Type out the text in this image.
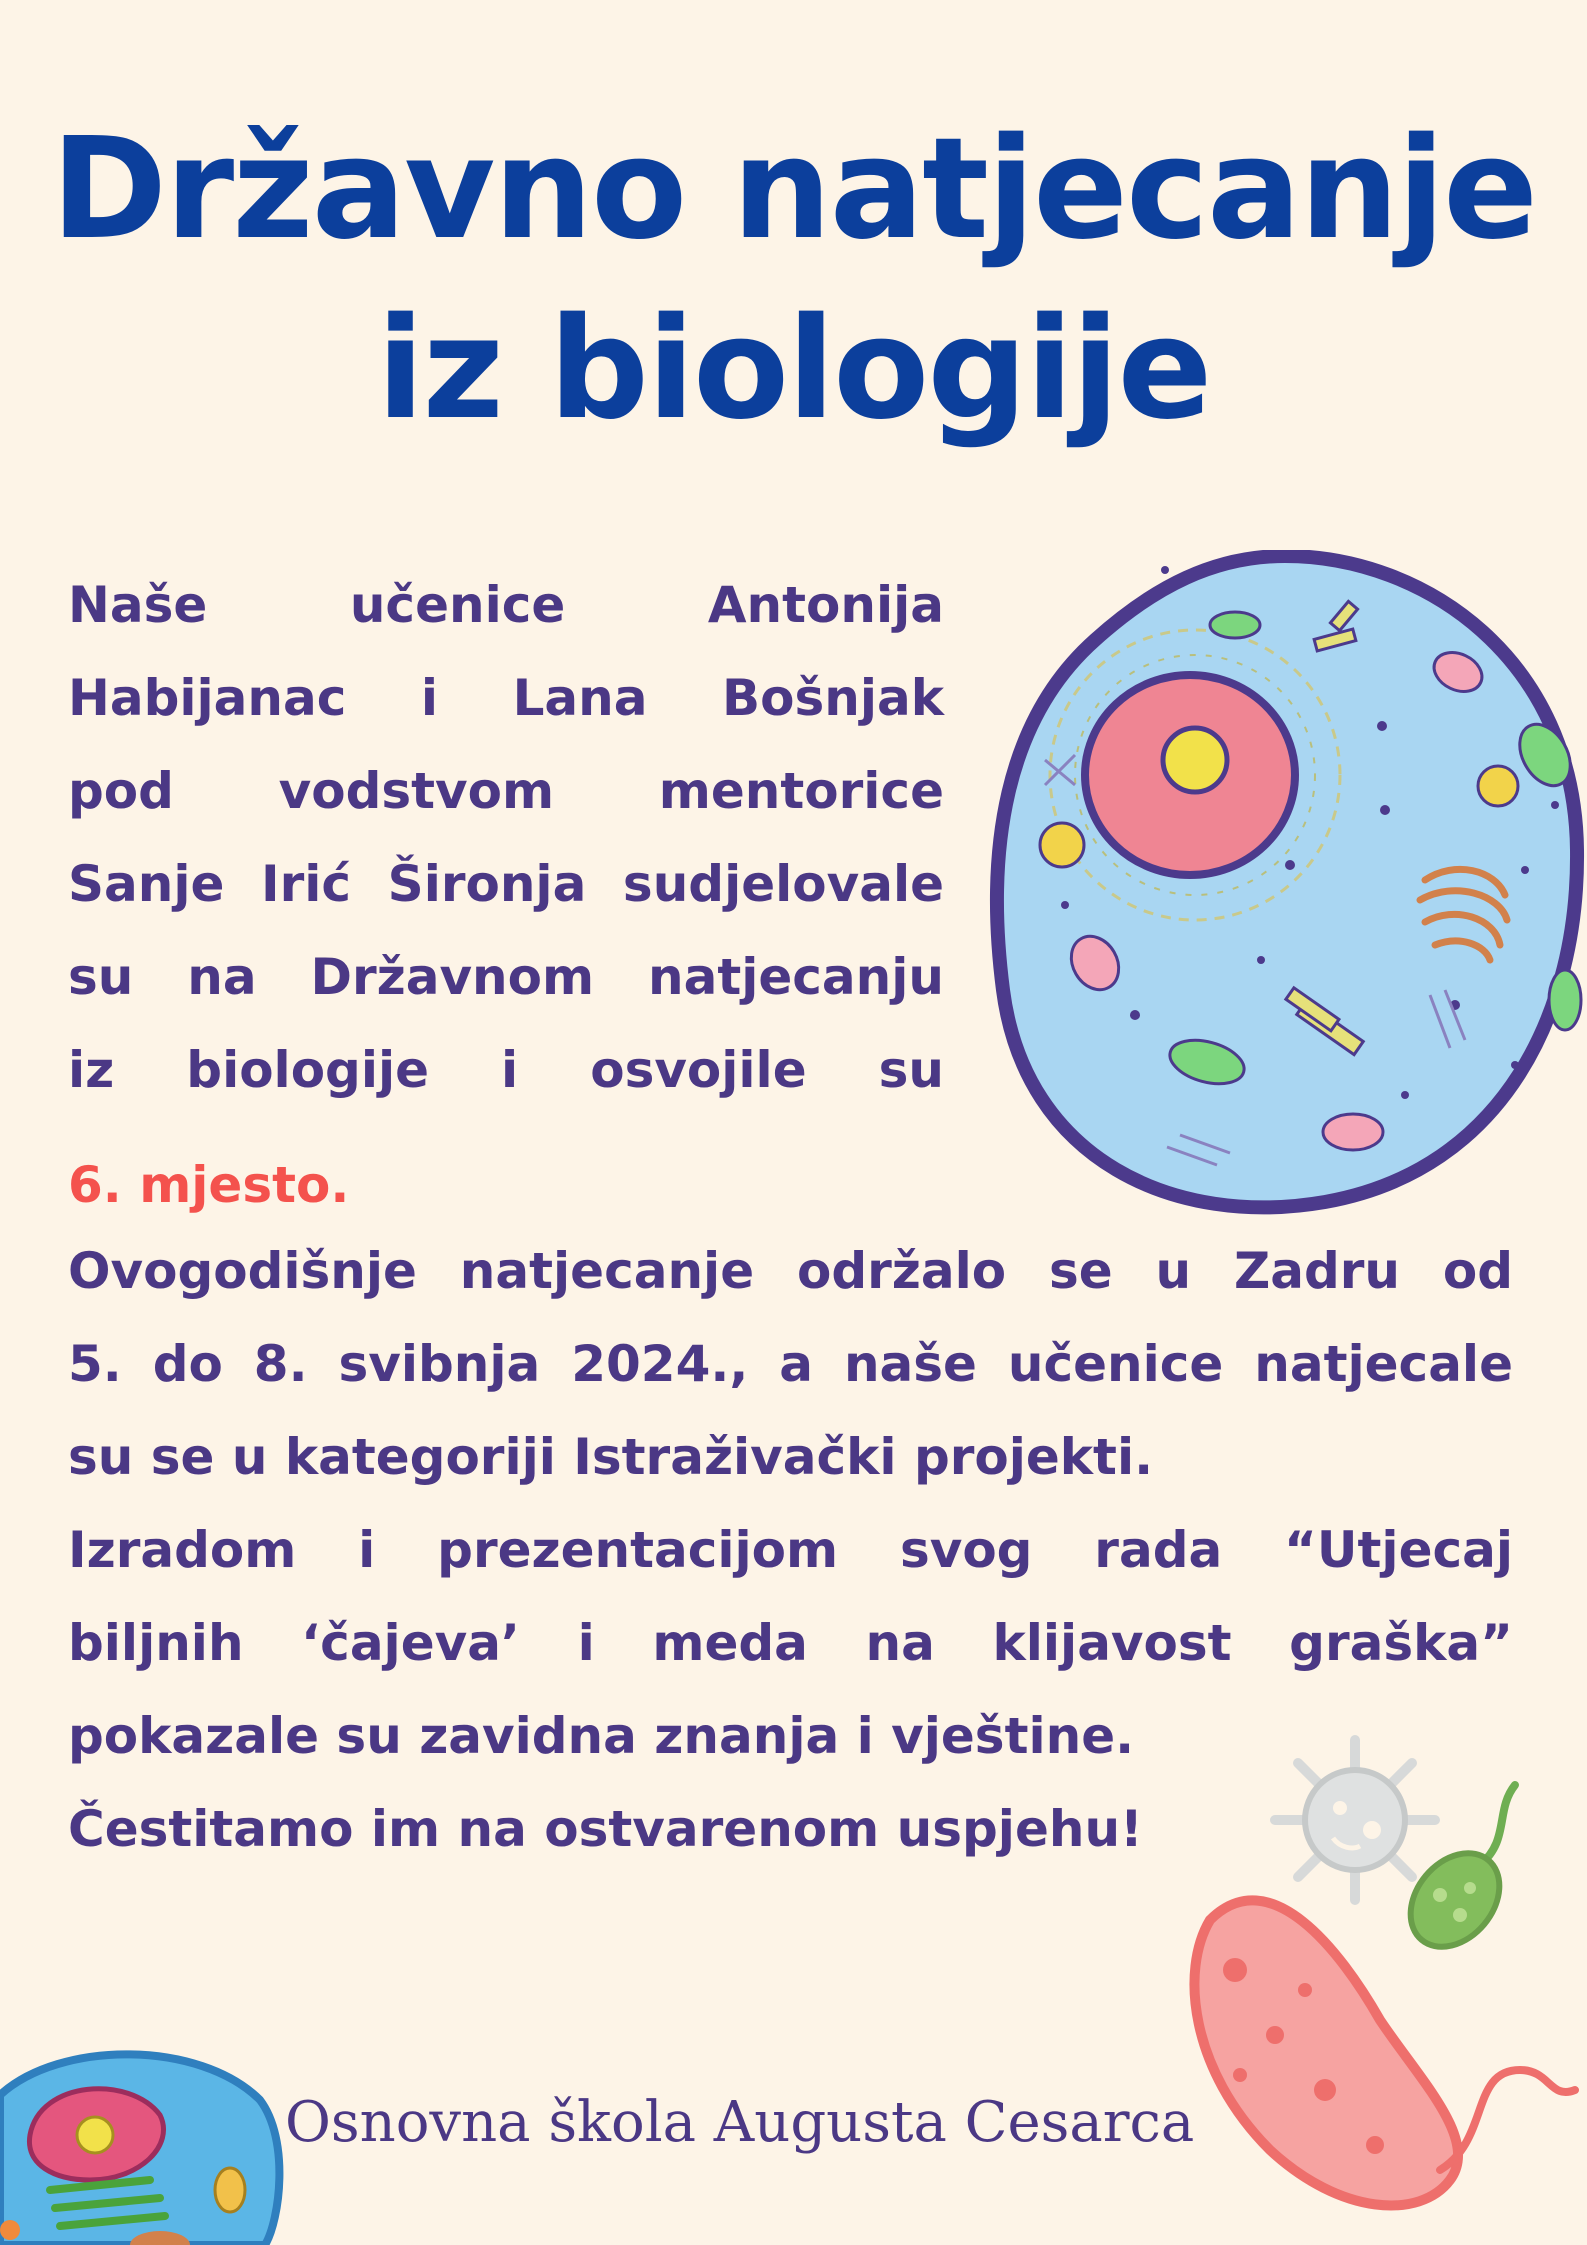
Državno natjecanje
iz biologije
Naše učenice Antonija
Habijanac i Lana Bošnjak
pod vodstvom mentorice
Sanje Irić Šironja sudjelovale
su na Državnom natjecanju
iz biologije i osvojile su

6. mjesto.

Ovogodišnje natjecanje održalo se u Zadru od
5. do 8. svibnja 2024., a naše učenice natjecale
su se u kategoriji Istraživački projekti.
Izradom i prezentacijom svog rada “Utjecaj
biljnih ‘čajeva’ i meda na klijavost graška”
pokazale su zavidna znanja i vještine.
Čestitamo im na ostvarenom uspjehu!

Osnovna škola Augusta Cesarca
